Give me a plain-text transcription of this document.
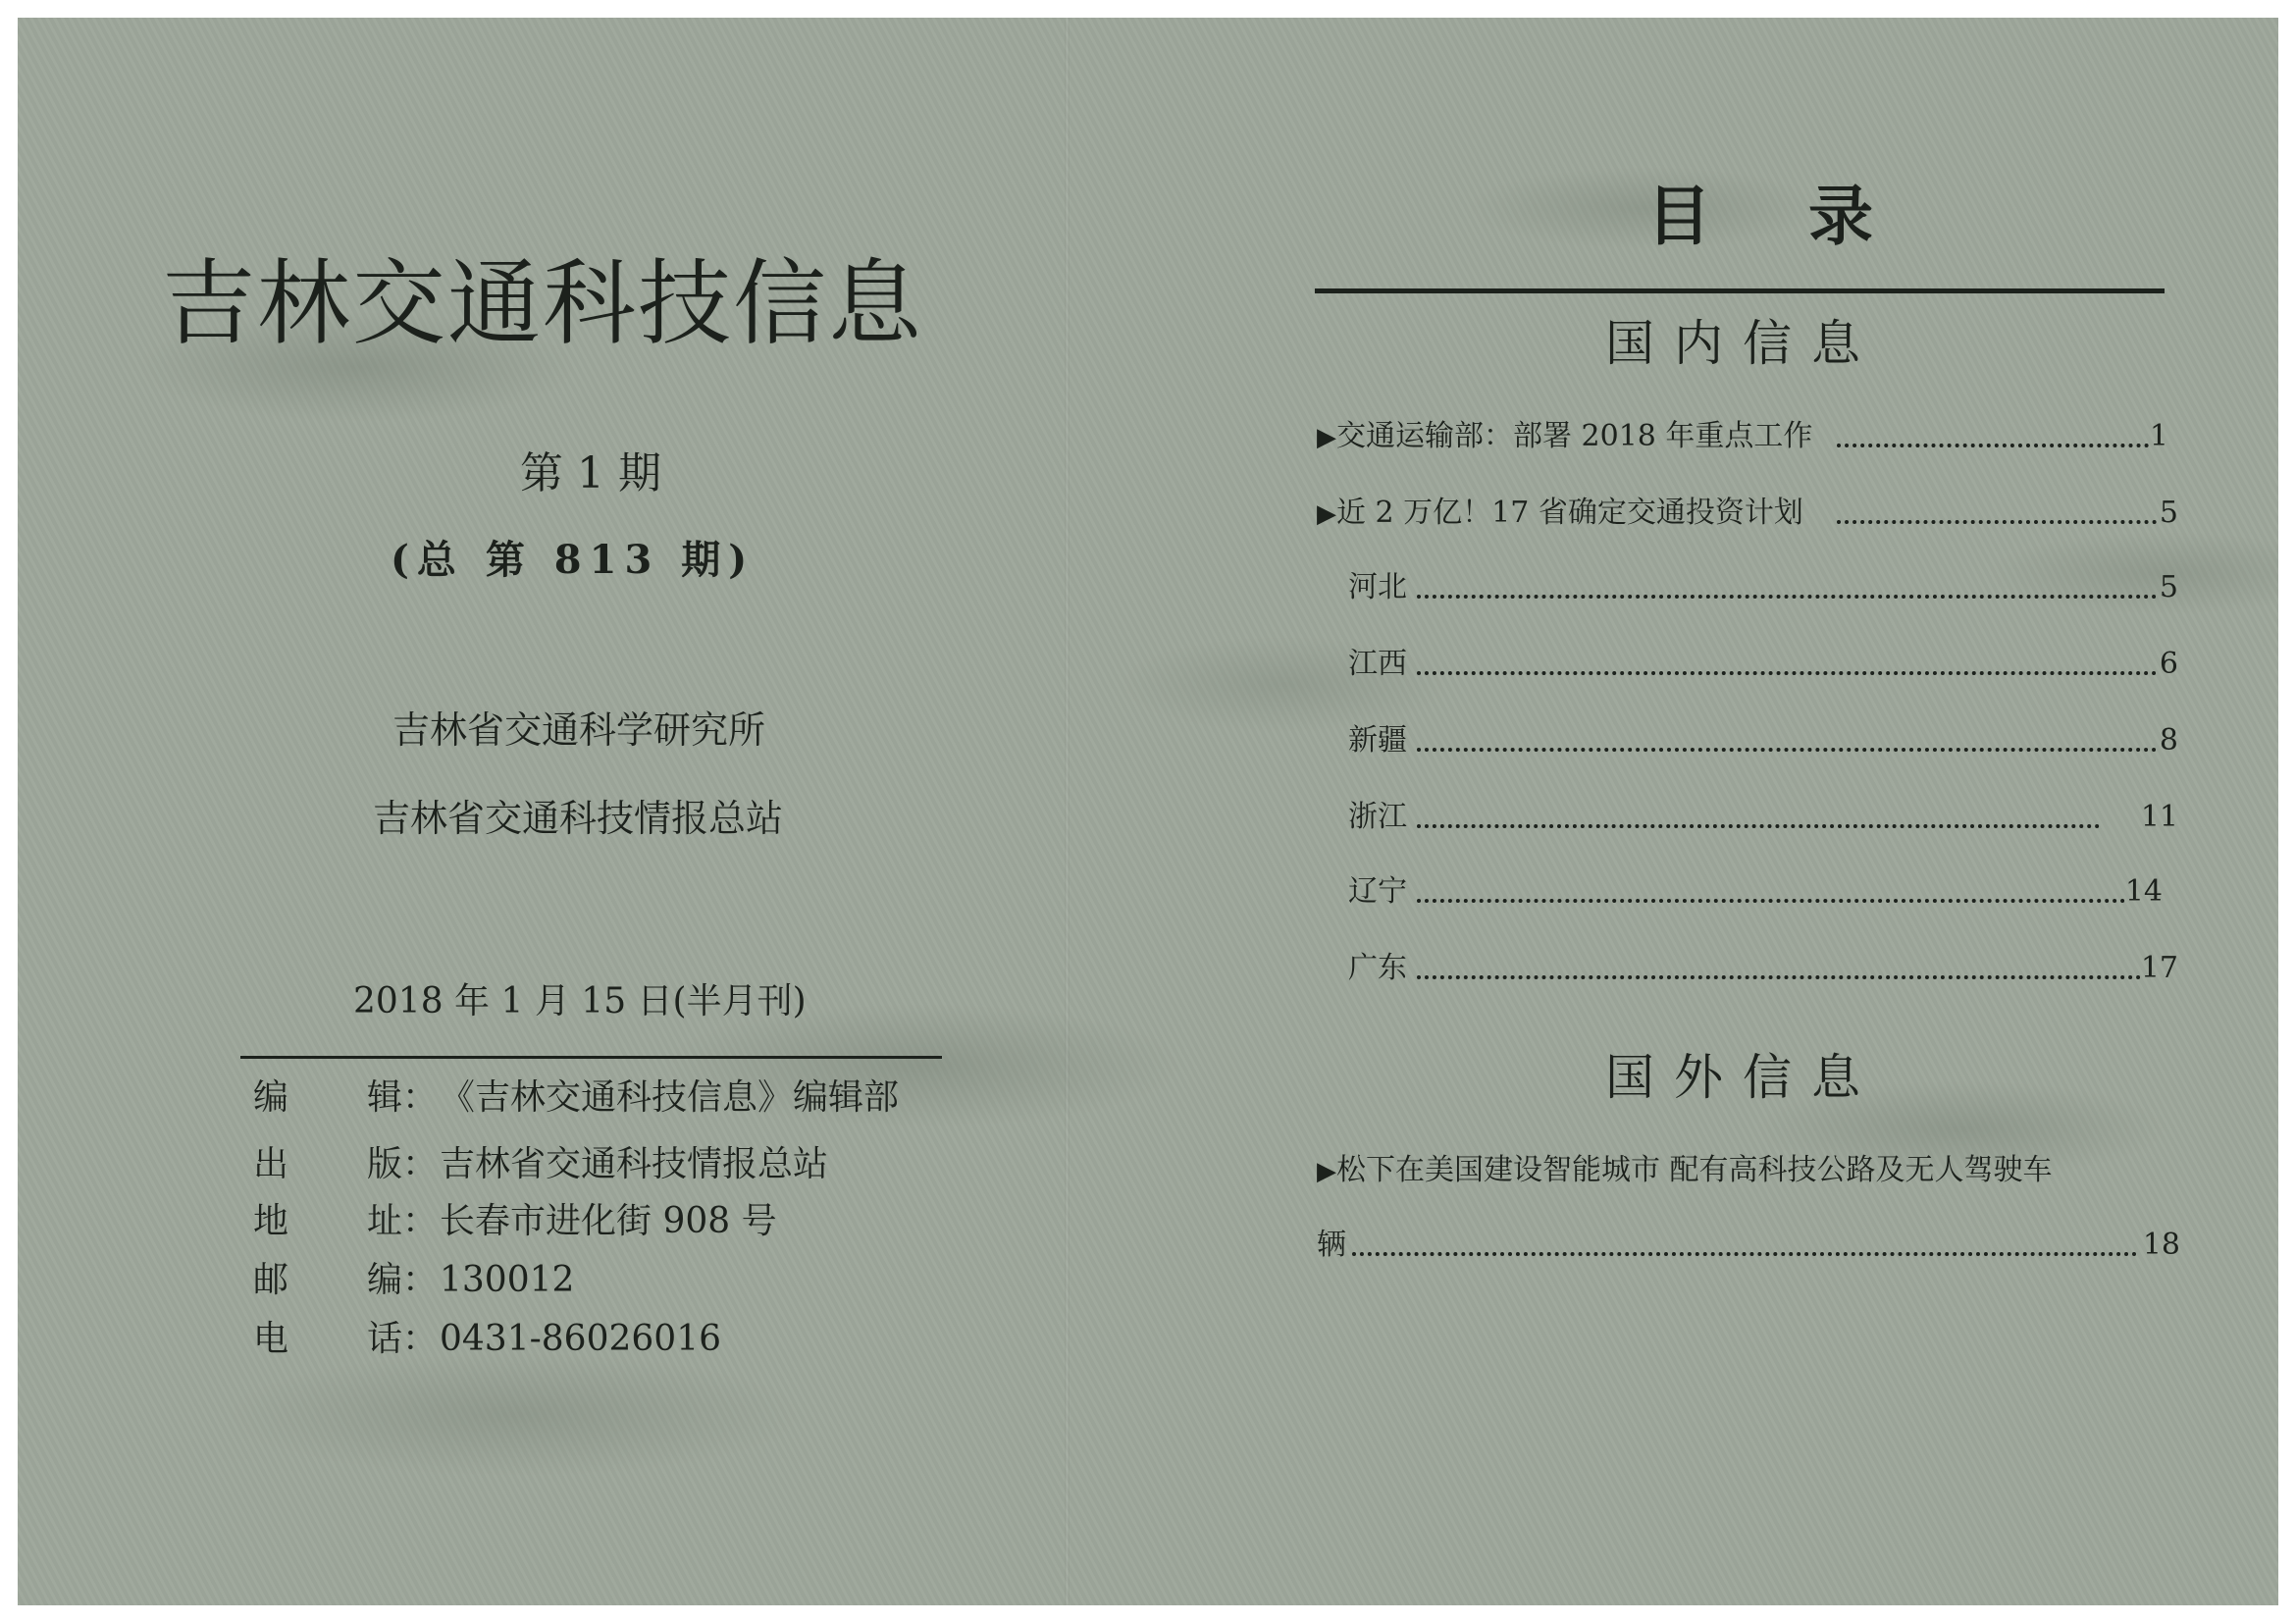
吉林交通科技信息
第 1 期
(总 第 813 期)
吉林省交通科学研究所
吉林省交通科技情报总站
2018 年 1 月 15 日(半月刊)
编 辑： 《吉林交通科技信息》编辑部
出 版： 吉林省交通科技情报总站
地 址： 长春市进化街 908 号
邮 编： 130012
电 话： 0431-86026016
目 录
国内信息
▶交通运输部：部署 2018 年重点工作	1
▶近 2 万亿！17 省确定交通投资计划	5
河北	5
江西	6
新疆	8
浙江	11
辽宁	14
广东	17
国外信息
▶松下在美国建设智能城市 配有高科技公路及无人驾驶车
辆	18
